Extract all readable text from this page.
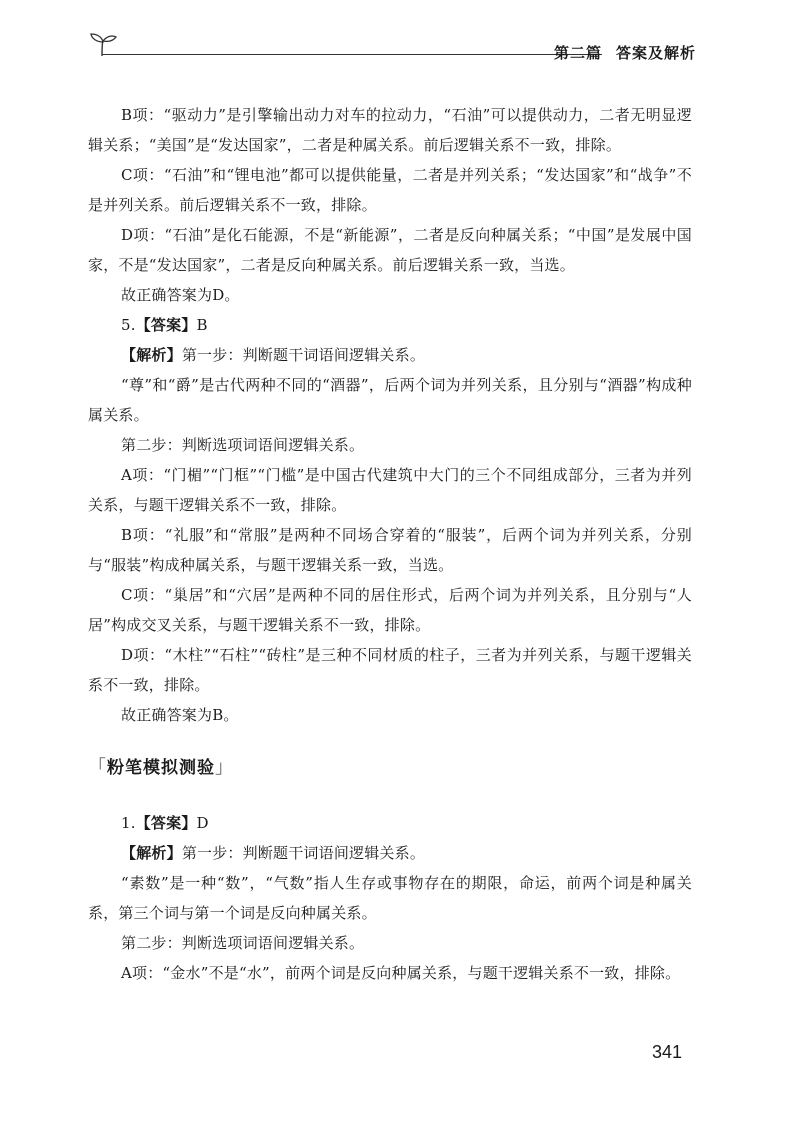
第二篇 答案及解析

B项：“驱动力”是引擎输出动力对车的拉动力，“石油”可以提供动力，二者无明显逻辑关系；“美国”是“发达国家”，二者是种属关系。前后逻辑关系不一致，排除。

C项：“石油”和“锂电池”都可以提供能量，二者是并列关系；“发达国家”和“战争”不是并列关系。前后逻辑关系不一致，排除。

D项：“石油”是化石能源，不是“新能源”，二者是反向种属关系；“中国”是发展中国家，不是“发达国家”，二者是反向种属关系。前后逻辑关系一致，当选。

故正确答案为D。

5.【答案】B

【解析】第一步：判断题干词语间逻辑关系。

“尊”和“爵”是古代两种不同的“酒器”，后两个词为并列关系，且分别与“酒器”构成种属关系。

第二步：判断选项词语间逻辑关系。

A项：“门楣”“门框”“门槛”是中国古代建筑中大门的三个不同组成部分，三者为并列关系，与题干逻辑关系不一致，排除。

B项：“礼服”和“常服”是两种不同场合穿着的“服装”，后两个词为并列关系，分别与“服装”构成种属关系，与题干逻辑关系一致，当选。

C项：“巢居”和“穴居”是两种不同的居住形式，后两个词为并列关系，且分别与“人居”构成交叉关系，与题干逻辑关系不一致，排除。

D项：“木柱”“石柱”“砖柱”是三种不同材质的柱子，三者为并列关系，与题干逻辑关系不一致，排除。

故正确答案为B。

「粉笔模拟测验」

1.【答案】D

【解析】第一步：判断题干词语间逻辑关系。

“素数”是一种“数”，“气数”指人生存或事物存在的期限，命运，前两个词是种属关系，第三个词与第一个词是反向种属关系。

第二步：判断选项词语间逻辑关系。

A项：“金水”不是“水”，前两个词是反向种属关系，与题干逻辑关系不一致，排除。

341
